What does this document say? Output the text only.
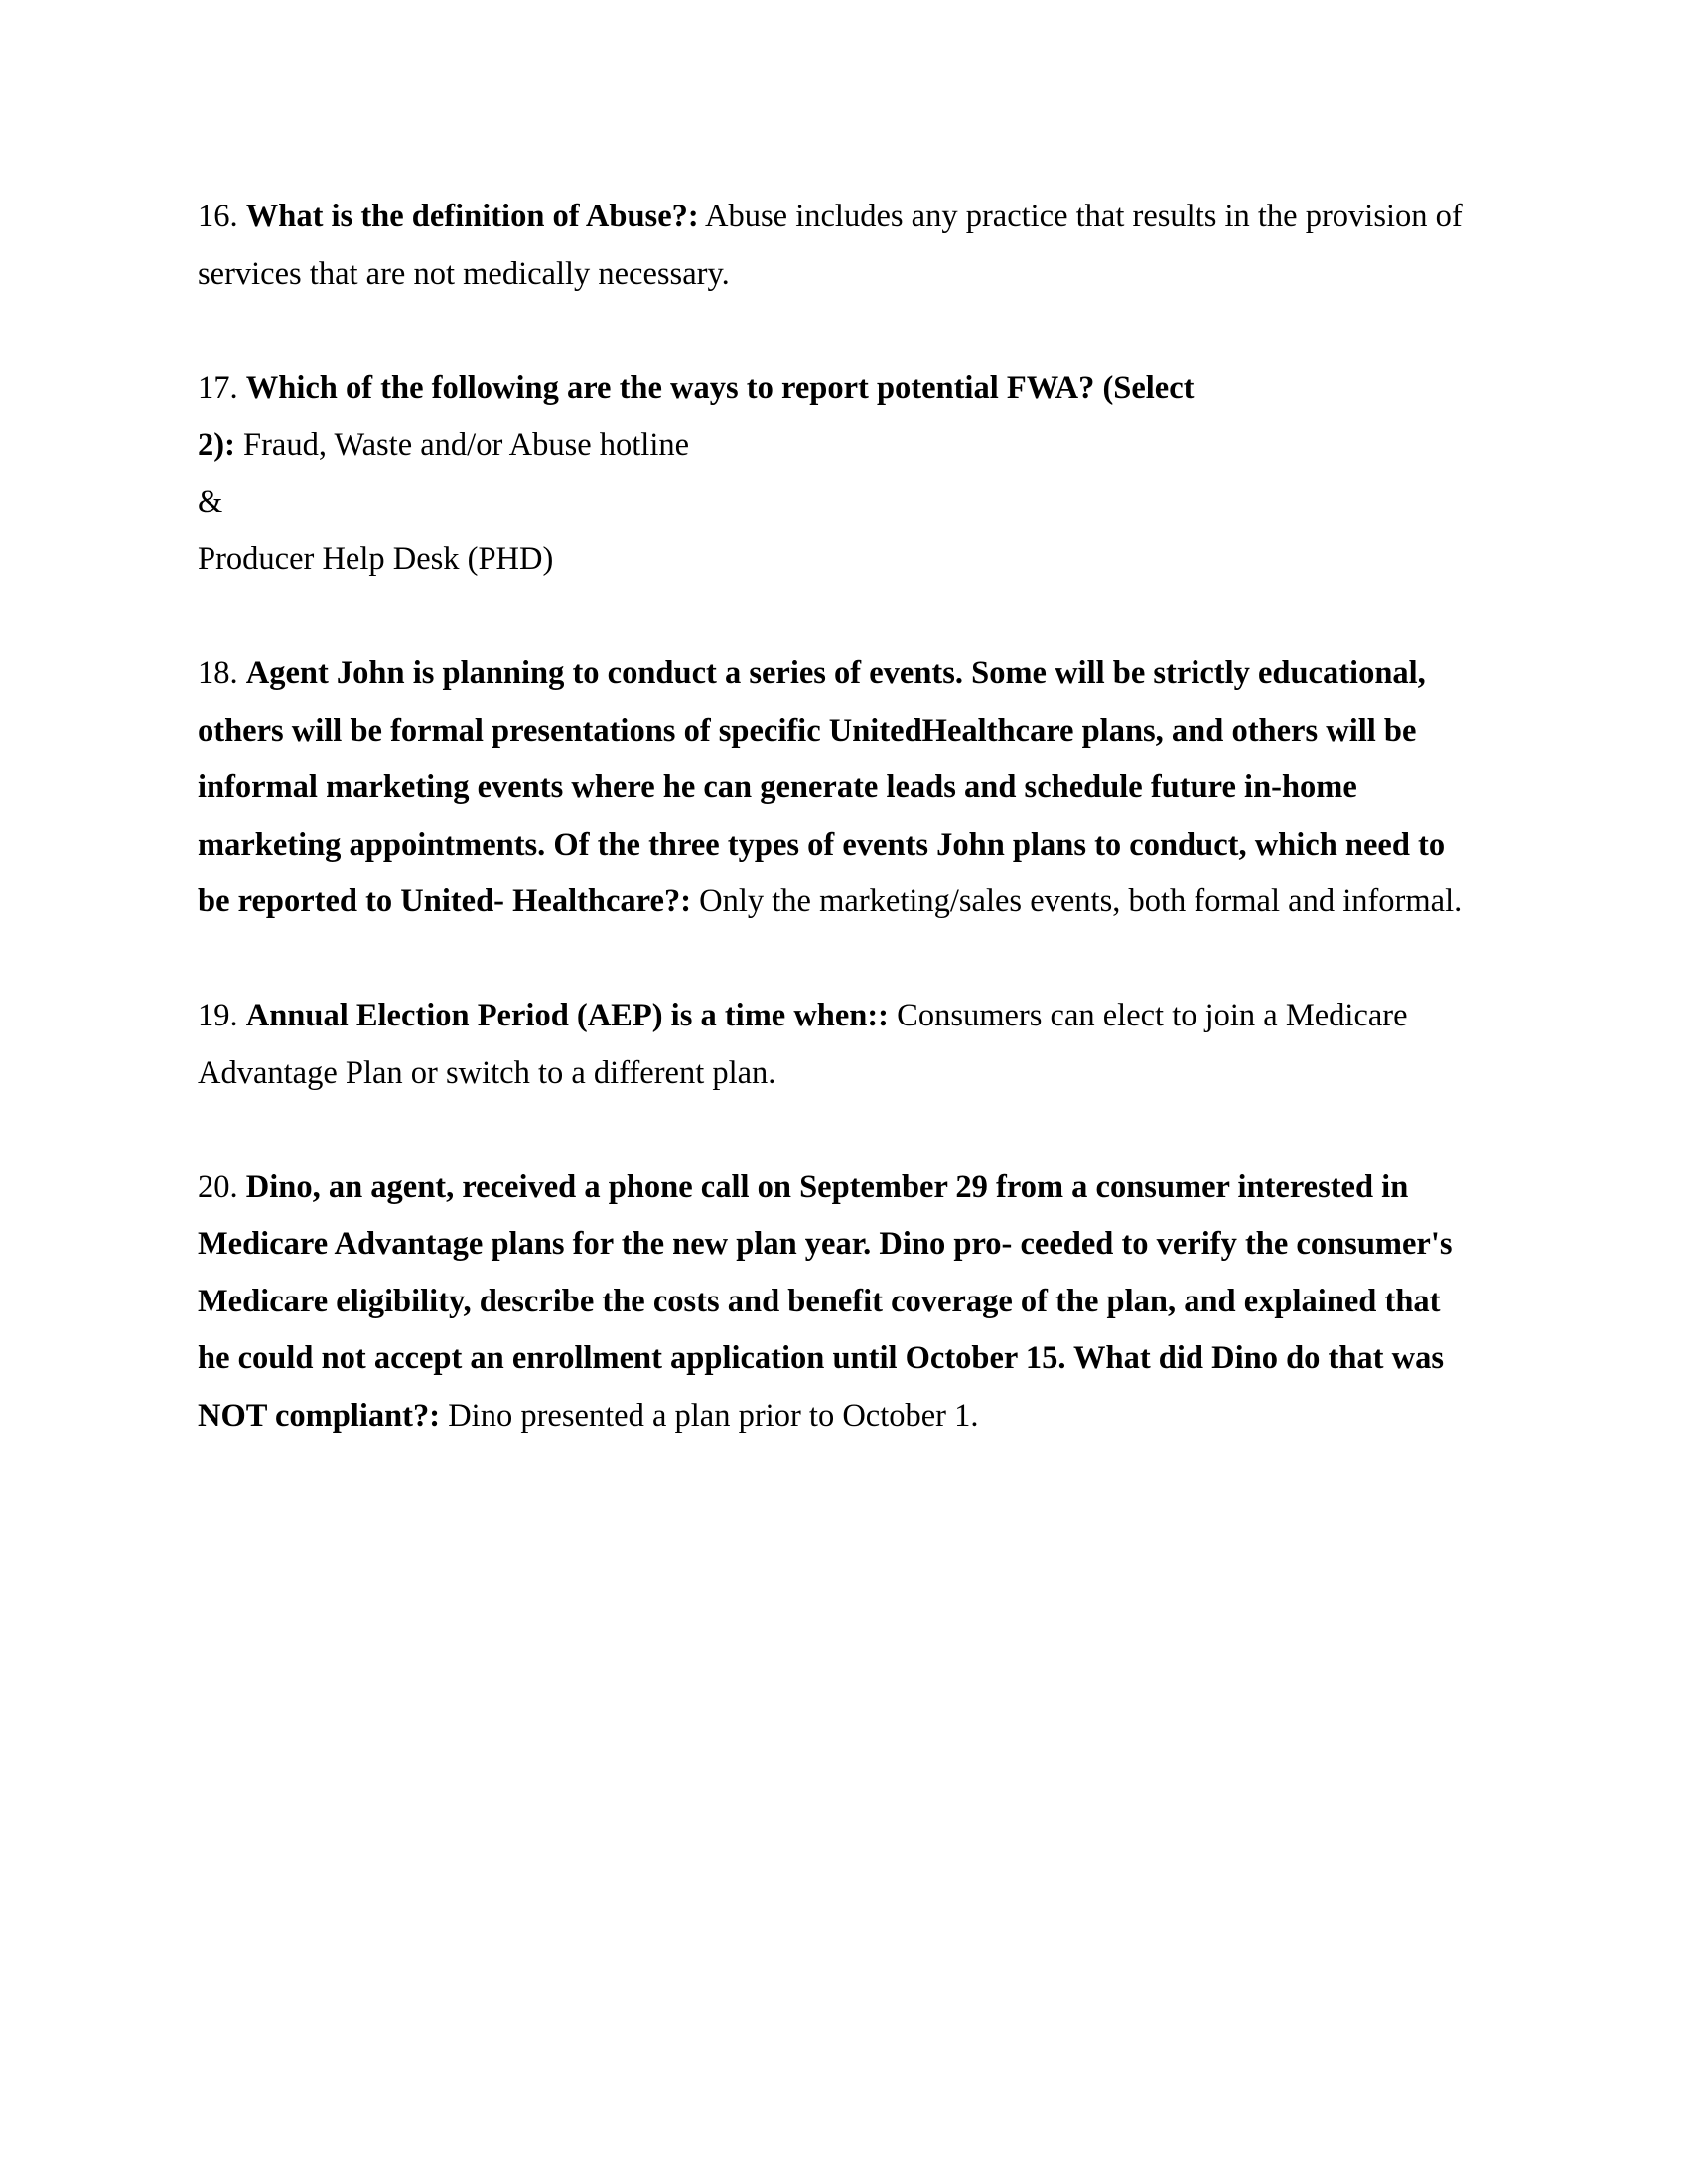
16. What is the definition of Abuse?: Abuse includes any practice that results in the provision of services that are not medically necessary.

17. Which of the following are the ways to report potential FWA? (Select
2): Fraud, Waste and/or Abuse hotline
&
Producer Help Desk (PHD)

18. Agent John is planning to conduct a series of events. Some will be strictly educational,
others will be formal presentations of specific UnitedHealthcare plans, and others will be
informal marketing events where he can generate leads and schedule future in-home
marketing appointments. Of the three types of events John plans to conduct, which need to
be reported to United- Healthcare?: Only the marketing/sales events, both formal and informal.

19. Annual Election Period (AEP) is a time when:: Consumers can elect to join a Medicare Advantage Plan or switch to a different plan.

20. Dino, an agent, received a phone call on September 29 from a consumer interested in
Medicare Advantage plans for the new plan year. Dino pro- ceeded to verify the consumer's
Medicare eligibility, describe the costs and benefit coverage of the plan, and explained that
he could not accept an enrollment application until October 15. What did Dino do that was
NOT compliant?: Dino presented a plan prior to October 1.
